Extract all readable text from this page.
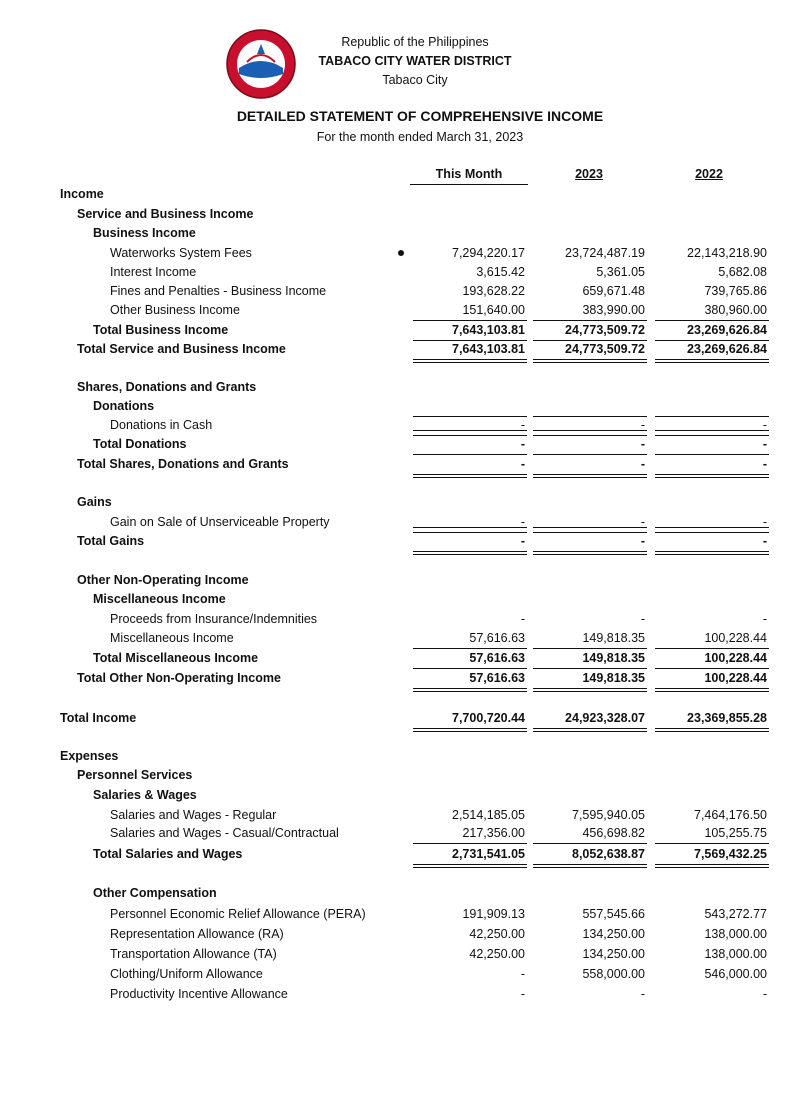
Republic of the Philippines
TABACO CITY WATER DISTRICT
Tabaco City
DETAILED STATEMENT OF COMPREHENSIVE INCOME
For the month ended March 31, 2023
This Month	2023	2022
Income
Service and Business Income
Business Income
Waterworks System Fees	7,294,220.17	23,724,487.19	22,143,218.90
Interest Income	3,615.42	5,361.05	5,682.08
Fines and Penalties - Business Income	193,628.22	659,671.48	739,765.86
Other Business Income	151,640.00	383,990.00	380,960.00
Total Business Income	7,643,103.81	24,773,509.72	23,269,626.84
Total Service and Business Income	7,643,103.81	24,773,509.72	23,269,626.84
Shares, Donations and Grants
Donations
Donations in Cash	-	-	-
Total Donations	-	-	-
Total Shares, Donations and Grants	-	-	-
Gains
Gain on Sale of Unserviceable Property	-	-	-
Total Gains	-	-	-
Other Non-Operating Income
Miscellaneous Income
Proceeds from Insurance/Indemnities	-	-	-
Miscellaneous Income	57,616.63	149,818.35	100,228.44
Total Miscellaneous Income	57,616.63	149,818.35	100,228.44
Total Other Non-Operating Income	57,616.63	149,818.35	100,228.44
Total Income	7,700,720.44	24,923,328.07	23,369,855.28
Expenses
Personnel Services
Salaries & Wages
Salaries and Wages - Regular	2,514,185.05	7,595,940.05	7,464,176.50
Salaries and Wages - Casual/Contractual	217,356.00	456,698.82	105,255.75
Total Salaries and Wages	2,731,541.05	8,052,638.87	7,569,432.25
Other Compensation
Personnel Economic Relief Allowance (PERA)	191,909.13	557,545.66	543,272.77
Representation Allowance (RA)	42,250.00	134,250.00	138,000.00
Transportation Allowance (TA)	42,250.00	134,250.00	138,000.00
Clothing/Uniform Allowance	-	558,000.00	546,000.00
Productivity Incentive Allowance	-	-	-
